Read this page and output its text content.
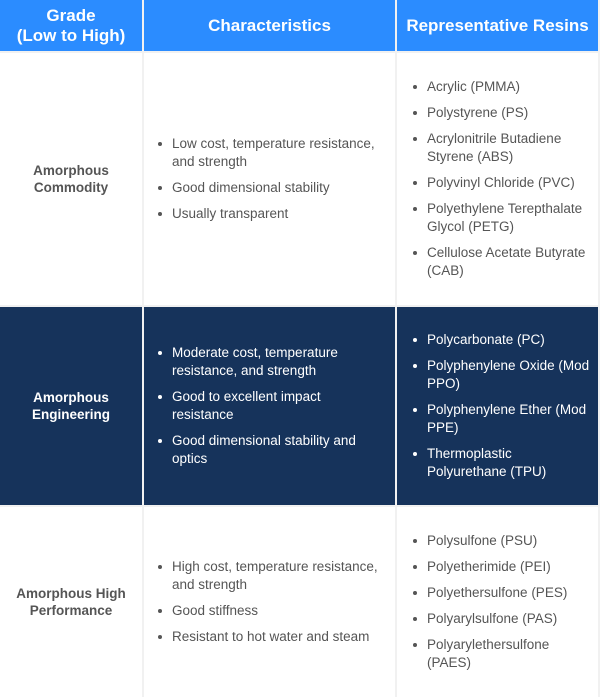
Grade
(Low to High)
Characteristics	Representative Resins
Amorphous
Commodity
Low cost, temperature resistance, and strength
Good dimensional stability
Usually transparent
Acrylic (PMMA)
Polystyrene (PS)
Acrylonitrile Butadiene Styrene (ABS)
Polyvinyl Chloride (PVC)
Polyethylene Terepthalate Glycol (PETG)
Cellulose Acetate Butyrate (CAB)
Amorphous
Engineering
Moderate cost, temperature resistance, and strength
Good to excellent impact resistance
Good dimensional stability and optics
Polycarbonate (PC)
Polyphenylene Oxide (Mod PPO)
Polyphenylene Ether (Mod PPE)
Thermoplastic Polyurethane (TPU)
Amorphous High
Performance
High cost, temperature resistance, and strength
Good stiffness
Resistant to hot water and steam
Polysulfone (PSU)
Polyetherimide (PEI)
Polyethersulfone (PES)
Polyarylsulfone (PAS)
Polyarylethersulfone (PAES)
